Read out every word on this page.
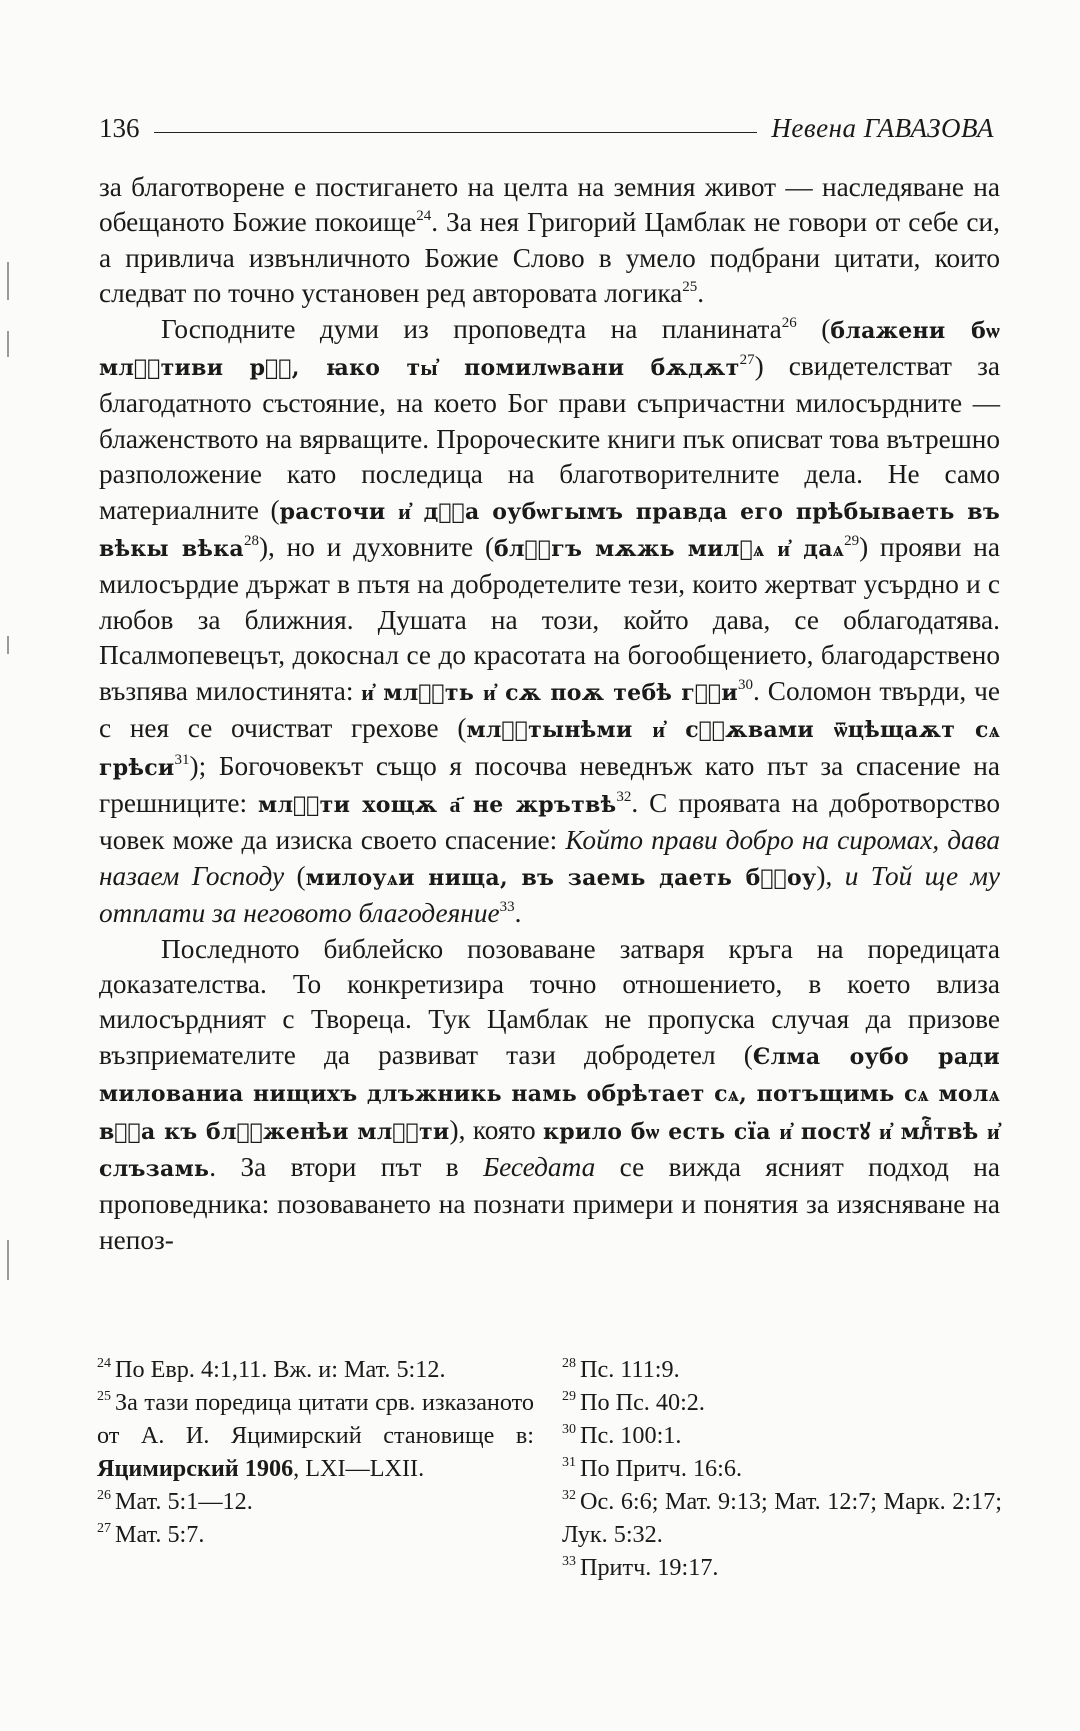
136	Невена ГАВАЗОВА

за благотворене е постигането на целта на земния живот — наследяване на обещаното Божие покоище$^{24}$. За нея Григорий Цамблак не говори от себе си, а привлича извънличното Божие Слово в умело подбрани цитати, които следват по точно установен ред авторовата логика$^{25}$.

Господните думи из проповедта на планината$^{26}$ (блажени бѡ млⷭ҇тиви рⷱ҇, ꙗко ты҆ помилѡвани бѫдѫт$^{27}$) свидетелстват за благодатното състояние, на което Бог прави съпричастни милосърдните — блаженството на вярващите. Пророческите книги пък описват това вътрешно разположение като последица на благотворителните дела. Не само материалните (расточи и҆ дⷭ҇а оубѡгымъ правда его прѣбываеть въ вѣкы вѣка$^{28}$), но и духовните (блⷭ҇гъ мѫжь милꙋѧ и҆ даѧ$^{29}$) прояви на милосърдие държат в пътя на добродетелите тези, които жертват усърдно и с любов за ближния. Душата на този, който дава, се облагодатява. Псалмопевецът, докоснал се до красотата на богообщението, благодарствено възпява милостинята: и҆ млⷭ҇ть и҆ сѫ поѫ тебѣ $гⷭ҇и^{30}$. Соломон твърди, че с нея се очистват грехове (млⷭ҇тынѣми и҆ сⷭ҇ѫвами ѿцѣщаѫт сѧ грѣси$^{31}$); Богочовекът също я посочва неведнъж като път за спасение на грешниците: млⷭ҇ти хощѫ а҃ не жрътвѣ$^{32}$. С проявата на добротворство човек може да изиска своето спасение: Който прави добро на сиромах, дава назаем Господу (милоуѧи нища, въ заемь даеть бⷭ҇оу), и Той ще му отплати за неговото благодеяние$^{33}$.

Последното библейско позоваване затваря кръга на поредицата доказателства. То конкретизира точно отношението, в което влиза милосърдният с Твореца. Тук Цамблак не пропуска случая да призове възприемателите да развиват тази добродетел (Єлма оубо ради милованиа нищихъ длъжникь намь обрѣтает сѧ, потъщимь сѧ молѧ вⷭ҇а къ блⷭ҇женѣи млⷭ҇ти), която крило бѡ есть сїа и҆ постꙋ и҆ млⷭ҇твѣ и҆ слъзамь. За втори път в Беседата се вижда ясният подход на проповедника: позоваването на познати примери и понятия за изясняване на непоз-

$^{24}$ По Евр. 4:1,11. Вж. и: Мат. 5:12.

$^{25}$ За тази поредица цитати срв. изказаното от А. И. Яцимирский становище в: Яцимирский 1906, LXI—LXII.

$^{26}$ Мат. 5:1—12.

$^{27}$ Мат. 5:7.

$^{28}$ Пс. 111:9.

$^{29}$ По Пс. 40:2.

$^{30}$ Пс. 100:1.

$^{31}$ По Притч. 16:6.

$^{32}$ Ос. 6:6; Мат. 9:13; Мат. 12:7; Марк. 2:17; Лук. 5:32.

$^{33}$ Притч. 19:17.
